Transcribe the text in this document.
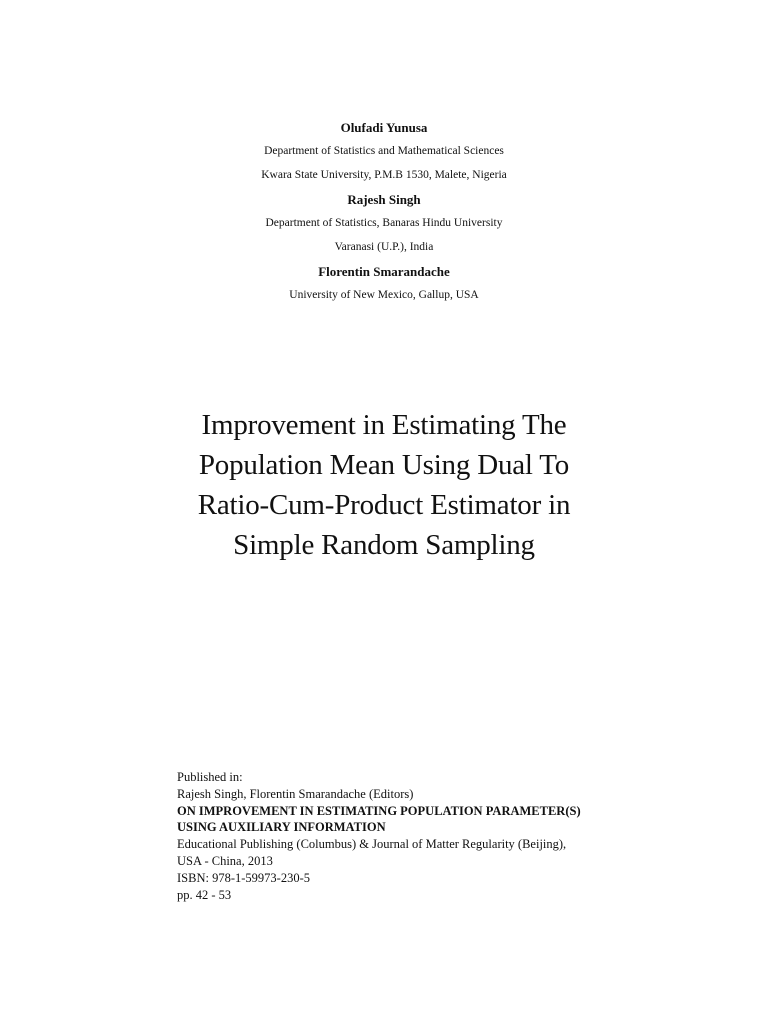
Olufadi Yunusa
Department of Statistics and Mathematical Sciences
Kwara State University, P.M.B 1530, Malete, Nigeria
Rajesh Singh
Department of Statistics, Banaras Hindu University
Varanasi (U.P.), India
Florentin Smarandache
University of New Mexico, Gallup, USA
Improvement in Estimating The
Population Mean Using Dual To
Ratio-Cum-Product Estimator in
Simple Random Sampling
Published in:
Rajesh Singh, Florentin Smarandache (Editors)
ON IMPROVEMENT IN ESTIMATING POPULATION PARAMETER(S)
USING AUXILIARY INFORMATION
Educational Publishing (Columbus) & Journal of Matter Regularity (Beijing),
USA - China, 2013
ISBN: 978-1-59973-230-5
pp. 42 - 53
